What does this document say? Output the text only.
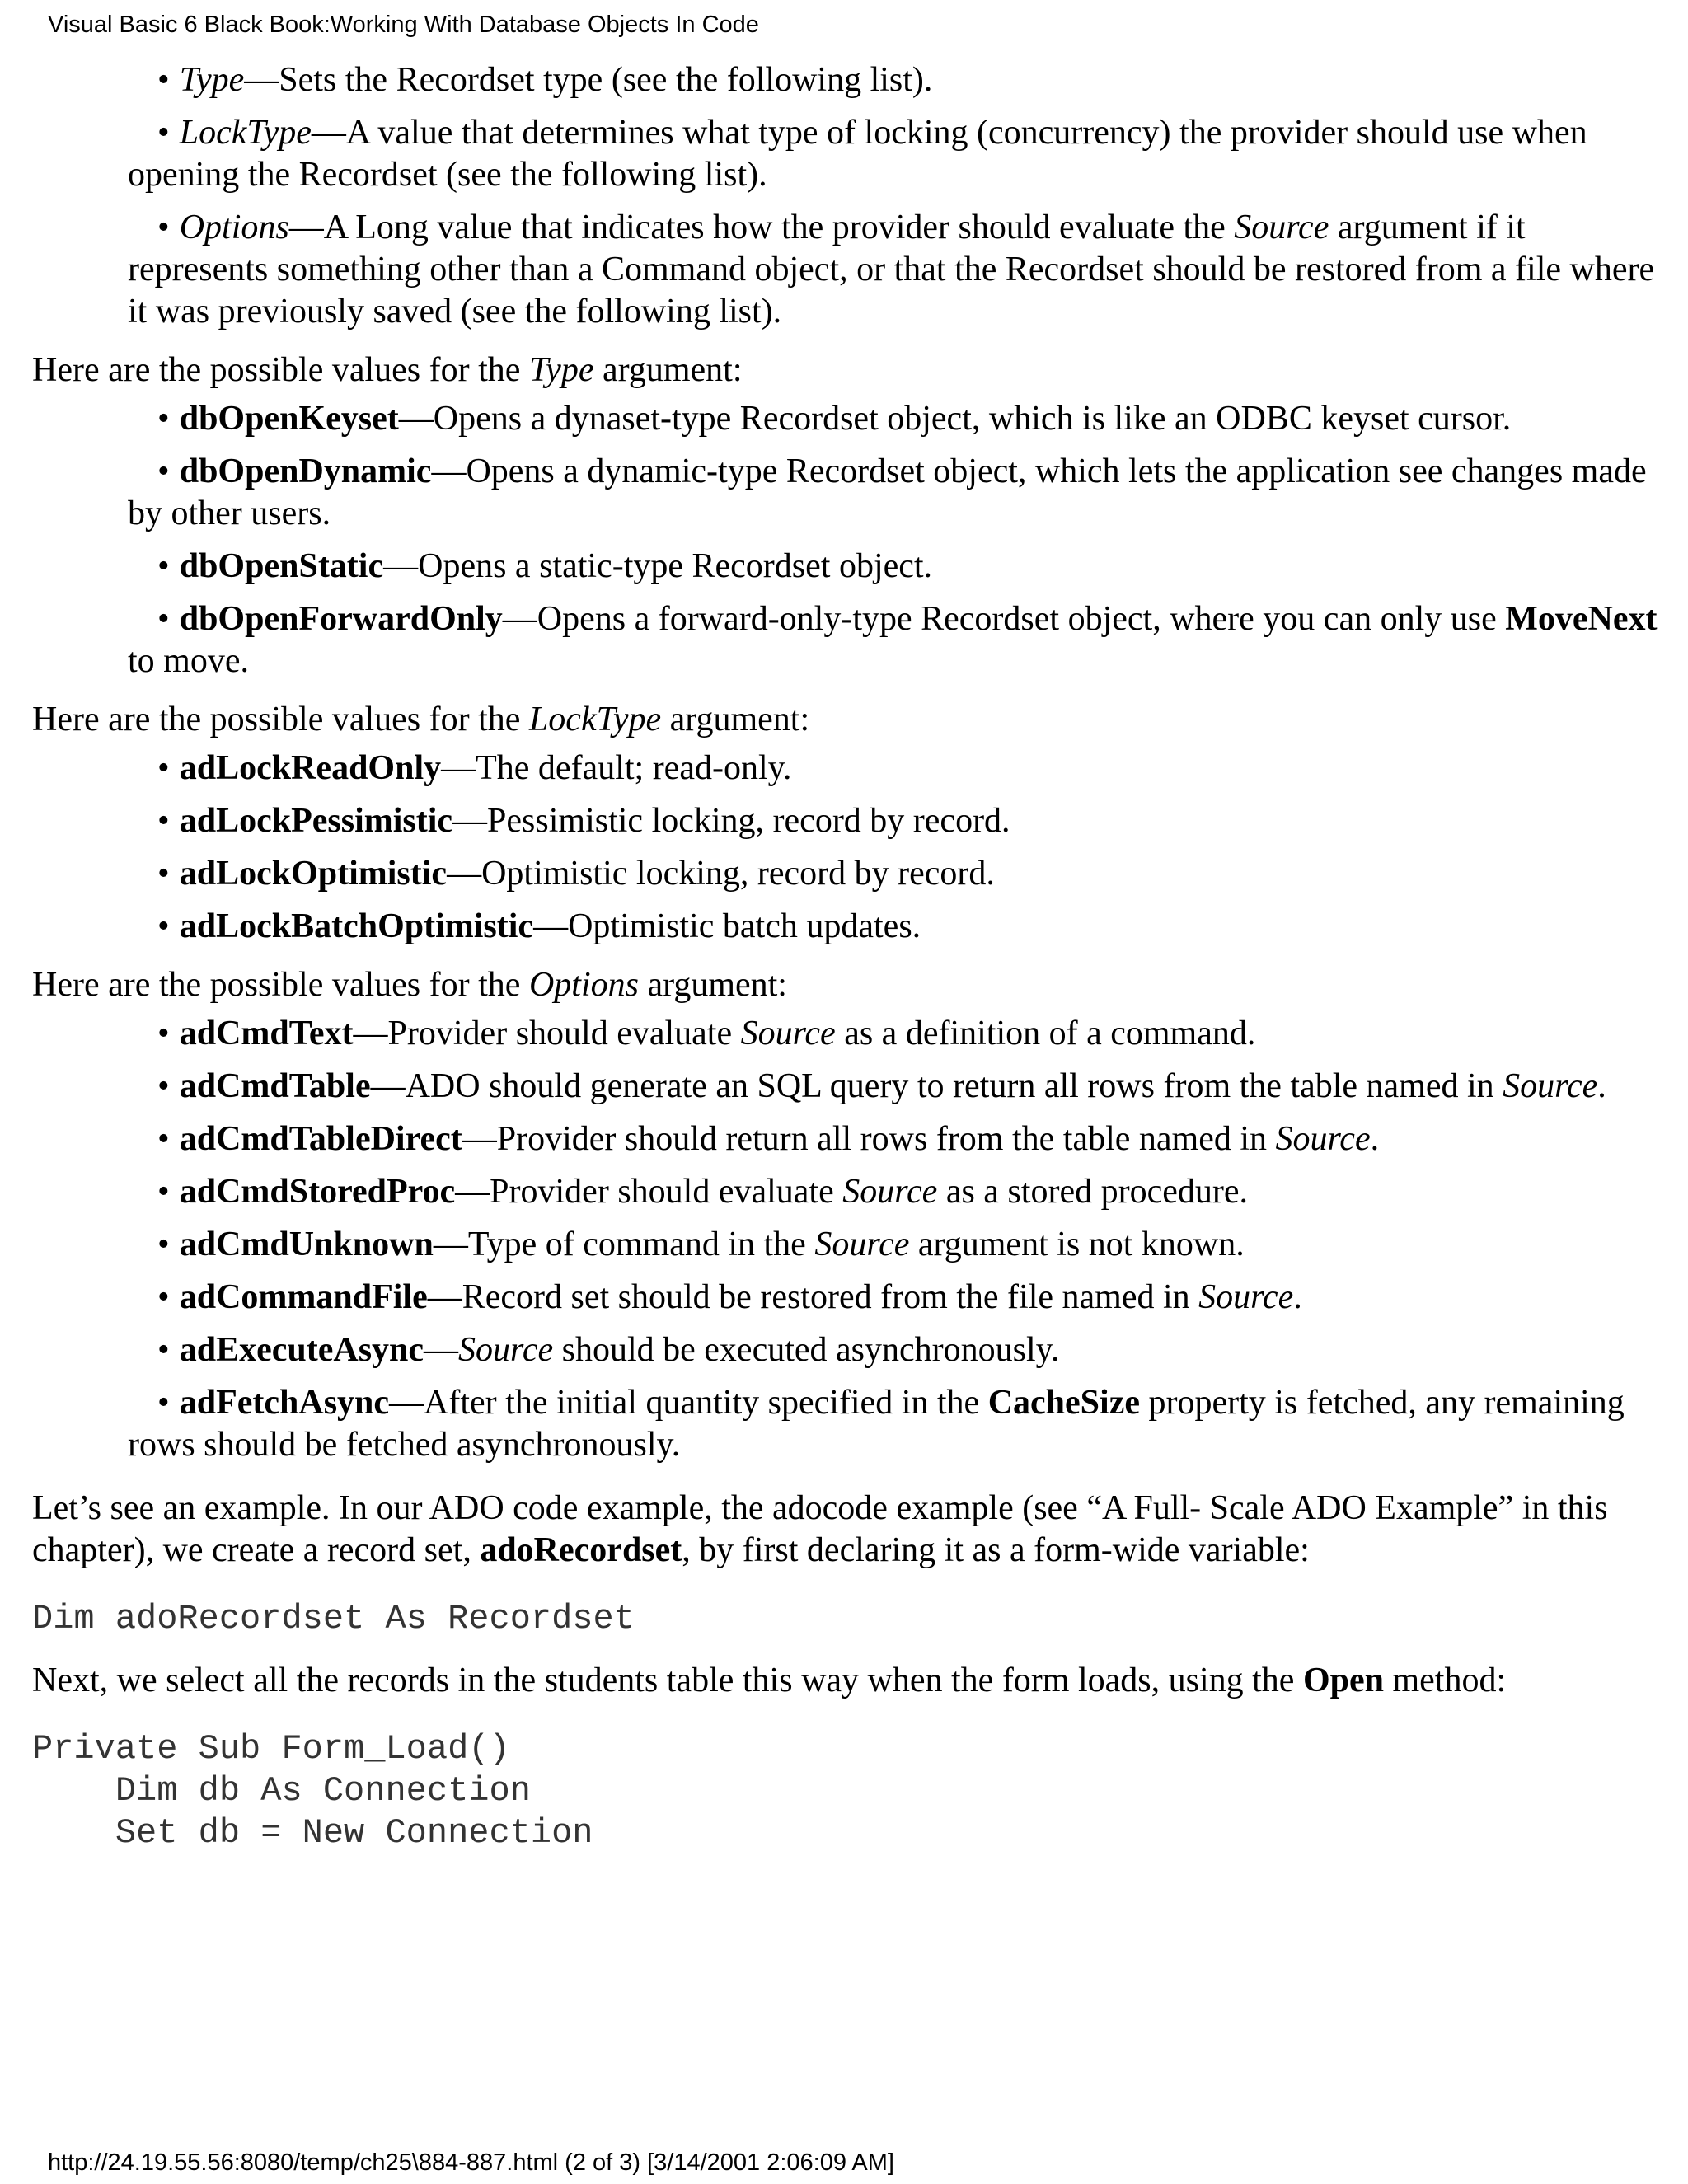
Visual Basic 6 Black Book:Working With Database Objects In Code
• Type—Sets the Recordset type (see the following list).
• LockType—A value that determines what type of locking (concurrency) the provider should use when opening the Recordset (see the following list).
• Options—A Long value that indicates how the provider should evaluate the Source argument if it represents something other than a Command object, or that the Recordset should be restored from a file where it was previously saved (see the following list).

Here are the possible values for the Type argument:

• dbOpenKeyset—Opens a dynaset-type Recordset object, which is like an ODBC keyset cursor.
• dbOpenDynamic—Opens a dynamic-type Recordset object, which lets the application see changes made by other users.
• dbOpenStatic—Opens a static-type Recordset object.
• dbOpenForwardOnly—Opens a forward-only-type Recordset object, where you can only use MoveNext to move.

Here are the possible values for the LockType argument:

• adLockReadOnly—The default; read-only.
• adLockPessimistic—Pessimistic locking, record by record.
• adLockOptimistic—Optimistic locking, record by record.
• adLockBatchOptimistic—Optimistic batch updates.

Here are the possible values for the Options argument:

• adCmdText—Provider should evaluate Source as a definition of a command.
• adCmdTable—ADO should generate an SQL query to return all rows from the table named in Source.
• adCmdTableDirect—Provider should return all rows from the table named in Source.
• adCmdStoredProc—Provider should evaluate Source as a stored procedure.
• adCmdUnknown—Type of command in the Source argument is not known.
• adCommandFile—Record set should be restored from the file named in Source.
• adExecuteAsync—Source should be executed asynchronously.
• adFetchAsync—After the initial quantity specified in the CacheSize property is fetched, any remaining rows should be fetched asynchronously.

Let’s see an example. In our ADO code example, the adocode example (see “A Full- Scale ADO Example” in this chapter), we create a record set, adoRecordset, by first declaring it as a form-wide variable:

Dim adoRecordset As Recordset

Next, we select all the records in the students table this way when the form loads, using the Open method:

Private Sub Form_Load()
Dim db As Connection
Set db = New Connection
http://24.19.55.56:8080/temp/ch25\884-887.html (2 of 3) [3/14/2001 2:06:09 AM]
